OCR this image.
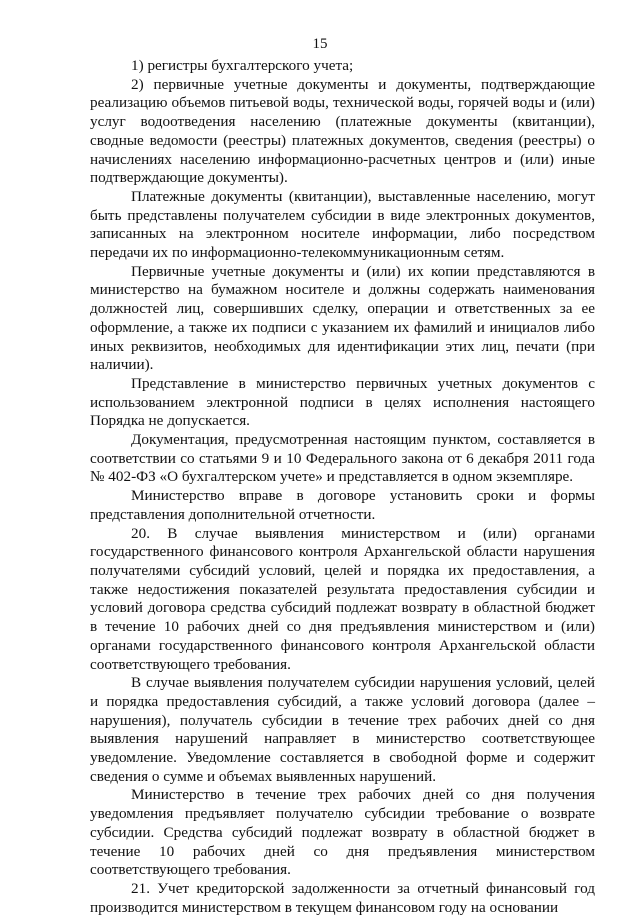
15

1) регистры бухгалтерского учета;

2) первичные учетные документы и документы, подтверждающие реализацию объемов питьевой воды, технической воды, горячей воды и (или) услуг водоотведения населению (платежные документы (квитанции), сводные ведомости (реестры) платежных документов, сведения (реестры) о начислениях населению информационно-расчетных центров и (или) иные подтверждающие документы).

Платежные документы (квитанции), выставленные населению, могут быть представлены получателем субсидии в виде электронных документов, записанных на электронном носителе информации, либо посредством передачи их по информационно-телекоммуникационным сетям.

Первичные учетные документы и (или) их копии представляются в министерство на бумажном носителе и должны содержать наименования должностей лиц, совершивших сделку, операции и ответственных за ее оформление, а также их подписи с указанием их фамилий и инициалов либо иных реквизитов, необходимых для идентификации этих лиц, печати (при наличии).

Представление в министерство первичных учетных документов с использованием электронной подписи в целях исполнения настоящего Порядка не допускается.

Документация, предусмотренная настоящим пунктом, составляется в соответствии со статьями 9 и 10 Федерального закона от 6 декабря 2011 года № 402-ФЗ «О бухгалтерском учете» и представляется в одном экземпляре.

Министерство вправе в договоре установить сроки и формы представления дополнительной отчетности.

20. В случае выявления министерством и (или) органами государственного финансового контроля Архангельской области нарушения получателями субсидий условий, целей и порядка их предоставления, а также недостижения показателей результата предоставления субсидии и условий договора средства субсидий подлежат возврату в областной бюджет в течение 10 рабочих дней со дня предъявления министерством и (или) органами государственного финансового контроля Архангельской области соответствующего требования.

В случае выявления получателем субсидии нарушения условий, целей и порядка предоставления субсидий, а также условий договора (далее – нарушения), получатель субсидии в течение трех рабочих дней со дня выявления нарушений направляет в министерство соответствующее уведомление. Уведомление составляется в свободной форме и содержит сведения о сумме и объемах выявленных нарушений.

Министерство в течение трех рабочих дней со дня получения уведомления предъявляет получателю субсидии требование о возврате субсидии. Средства субсидий подлежат возврату в областной бюджет в течение 10 рабочих дней со дня предъявления министерством соответствующего требования.

21. Учет кредиторской задолженности за отчетный финансовый год производится министерством в текущем финансовом году на основании
